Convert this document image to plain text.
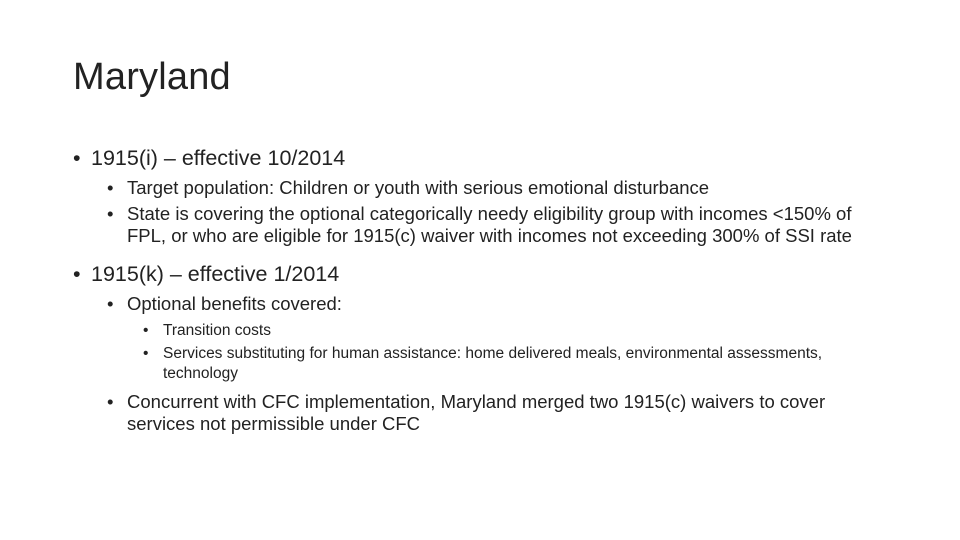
Maryland
• 1915(i) – effective 10/2014
• Target population: Children or youth with serious emotional disturbance
• State is covering the optional categorically needy eligibility group with incomes <150% of FPL, or who are eligible for 1915(c) waiver with incomes not exceeding 300% of SSI rate
• 1915(k) – effective 1/2014
• Optional benefits covered:
• Transition costs
• Services substituting for human assistance: home delivered meals, environmental assessments, technology
• Concurrent with CFC implementation, Maryland merged two 1915(c) waivers to cover services not permissible under CFC
